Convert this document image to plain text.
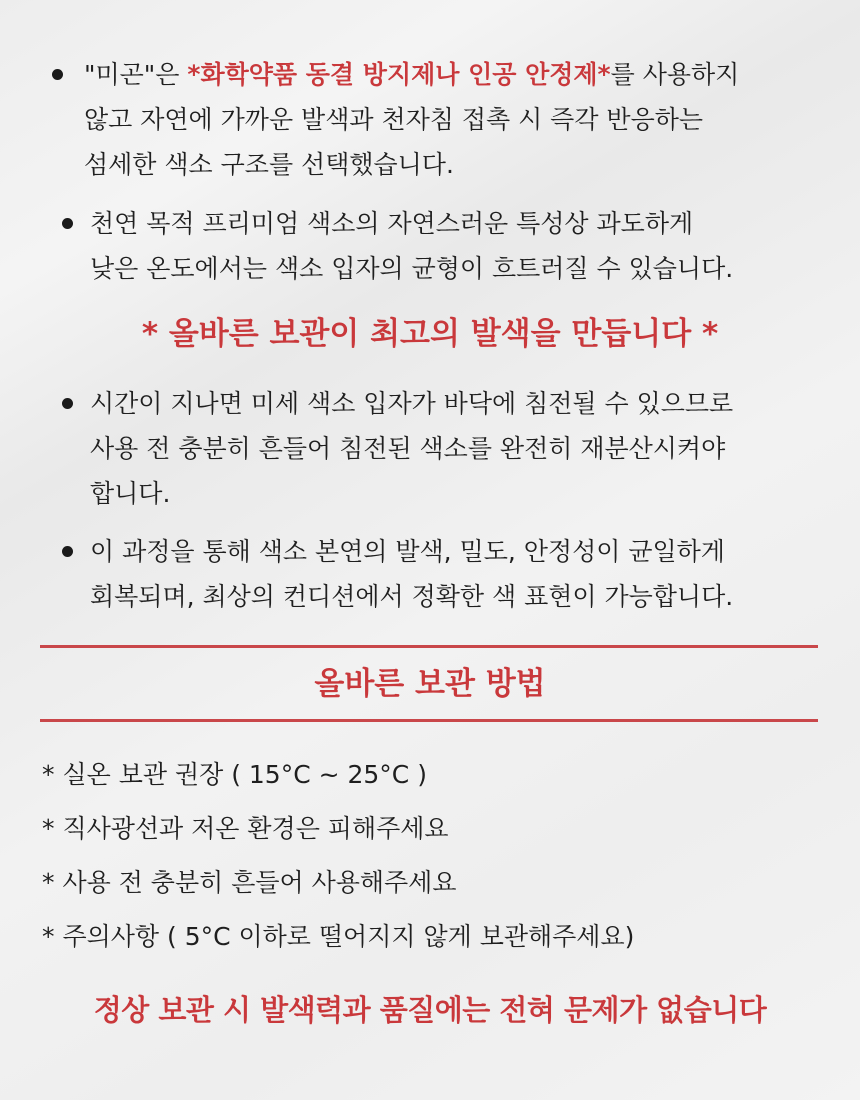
"미곤"은 *화학약품 동결 방지제나 인공 안정제*를 사용하지
않고 자연에 가까운 발색과 천자침 접촉 시 즉각 반응하는
섬세한 색소 구조를 선택했습니다.
천연 목적 프리미엄 색소의 자연스러운 특성상 과도하게
낮은 온도에서는 색소 입자의 균형이 흐트러질 수 있습니다.
* 올바른 보관이 최고의 발색을 만듭니다 *
시간이 지나면 미세 색소 입자가 바닥에 침전될 수 있으므로
사용 전 충분히 흔들어 침전된 색소를 완전히 재분산시켜야
합니다.
이 과정을 통해 색소 본연의 발색, 밀도, 안정성이 균일하게
회복되며, 최상의 컨디션에서 정확한 색 표현이 가능합니다.
올바른 보관 방법
* 실온 보관 권장 ( 15°C ~ 25°C )
* 직사광선과 저온 환경은 피해주세요
* 사용 전 충분히 흔들어 사용해주세요
* 주의사항 ( 5°C 이하로 떨어지지 않게 보관해주세요)
정상 보관 시 발색력과 품질에는 전혀 문제가 없습니다
